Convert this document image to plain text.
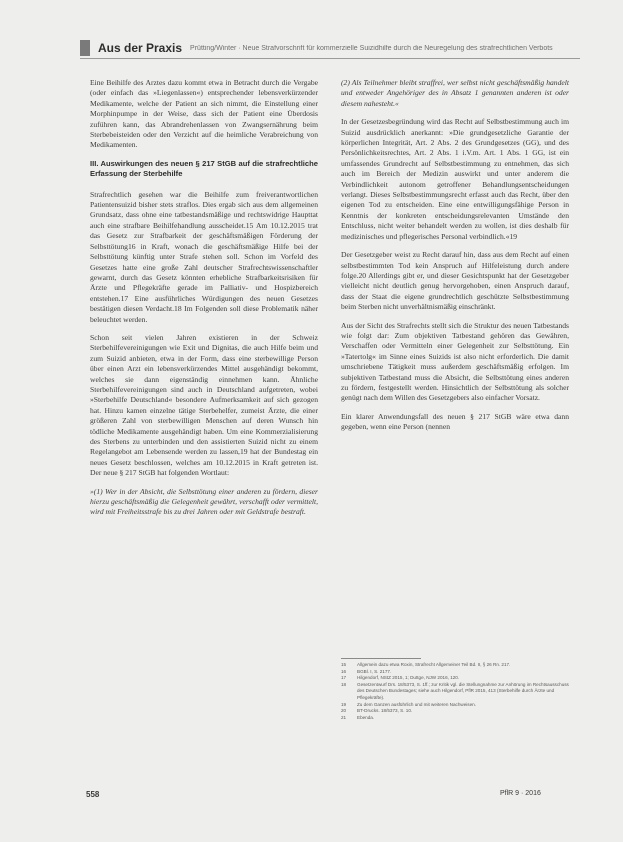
Aus der Praxis Prütting/Winter · Neue Strafvorschrift für kommerzielle Suizidhilfe durch die Neuregelung des strafrechtlichen Verbots

Eine Beihilfe des Arztes dazu kommt etwa in Betracht durch die Vergabe (oder einfach das »Liegenlassen«) entsprechender lebensverkürzender Medikamente, welche der Patient an sich nimmt, die Einstellung einer Morphinpumpe in der Weise, dass sich der Patient eine Überdosis zuführen kann, das Abrandrehenlassen von Zwangsernährung beim Sterbebeisteiden oder den Verzicht auf die heimliche Verabreichung von Medikamenten.

III. Auswirkungen des neuen § 217 StGB auf die strafrechtliche Erfassung der Sterbehilfe

Strafrechtlich gesehen war die Beihilfe zum freiverantwortlichen Patientensuizid bisher stets straflos. Dies ergab sich aus dem allgemeinen Grundsatz, dass ohne eine tatbestandsmäßige und rechtswidrige Haupttat auch eine strafbare Beihilfehandlung ausscheidet.15 Am 10.12.2015 trat das Gesetz zur Strafbarkeit der geschäftsmäßigen Förderung der Selbsttötung16 in Kraft, wonach die geschäftsmäßige Hilfe bei der Selbsttötung künftig unter Strafe stehen soll. Schon im Vorfeld des Gesetzes hatte eine große Zahl deutscher Strafrechtswissenschaftler gewarnt, durch das Gesetz könnten erhebliche Strafbarkeitsrisiken für Ärzte und Pflegekräfte gerade im Palliativ- und Hospizbereich entstehen.17 Eine ausführliches Würdigungen des neuen Gesetzes bestätigen diesen Verdacht.18 Im Folgenden soll diese Problematik näher beleuchtet werden.

Schon seit vielen Jahren existieren in der Schweiz Sterbehilfevereinigungen wie Exit und Dignitas, die auch Hilfe beim und zum Suizid anbieten, etwa in der Form, dass eine sterbewillige Person über einen Arzt ein lebensverkürzendes Mittel ausgehändigt bekommt, welches sie dann eigenständig einnehmen kann. Ähnliche Sterbehilfevereinigungen sind auch in Deutschland aufgetreten, wobei »Sterbehilfe Deutschland« besondere Aufmerksamkeit auf sich gezogen hat. Hinzu kamen einzelne tätige Sterbehelfer, zumeist Ärzte, die einer größeren Zahl von sterbewilligen Menschen auf deren Wunsch hin tödliche Medikamente ausgehändigt haben. Um eine Kommerzialisierung des Sterbens zu unterbinden und den assistierten Suizid nicht zu einem Regelangebot am Lebensende werden zu lassen,19 hat der Bundestag ein neues Gesetz beschlossen, welches am 10.12.2015 in Kraft getreten ist. Der neue § 217 StGB hat folgenden Wortlaut:

»(1) Wer in der Absicht, die Selbsttötung einer anderen zu fördern, dieser hierzu geschäftsmäßig die Gelegenheit gewährt, verschafft oder vermittelt, wird mit Freiheitsstrafe bis zu drei Jahren oder mit Geldstrafe bestraft.

(2) Als Teilnehmer bleibt straffrei, wer selbst nicht geschäftsmäßig handelt und entweder Angehöriger des in Absatz 1 genannten anderen ist oder diesem nahesteht.«

In der Gesetzesbegründung wird das Recht auf Selbstbestimmung auch im Suizid ausdrücklich anerkannt: »Die grundgesetzliche Garantie der körperlichen Integrität, Art. 2 Abs. 2 des Grundgesetzes (GG), und des Persönlichkeitsrechtes, Art. 2 Abs. 1 i.V.m. Art. 1 Abs. 1 GG, ist ein umfassendes Grundrecht auf Selbstbestimmung zu entnehmen, das sich auch im Bereich der Medizin auswirkt und unter anderem die Verbindlichkeit autonom getroffener Behandlungsentscheidungen verlangt. Dieses Selbstbestimmungsrecht erfasst auch das Recht, über den eigenen Tod zu entscheiden. Eine eine entwilligungsfähige Person in Kenntnis der konkreten entscheidungsrelevanten Umstände den Entschluss, nicht weiter behandelt werden zu wollen, ist dies deshalb für medizinisches und pflegerisches Personal verbindlich.«19

Der Gesetzgeber weist zu Recht darauf hin, dass aus dem Recht auf einen selbstbestimmten Tod kein Anspruch auf Hilfeleistung durch andere folge.20 Allerdings gibt er, und dieser Gesichtspunkt hat der Gesetzgeber vielleicht nicht deutlich genug hervorgehoben, einen Anspruch darauf, dass der Staat die eigene grundrechtlich geschützte Selbstbestimmung beim Sterben nicht unverhältnismäßig einschränkt.

Aus der Sicht des Strafrechts stellt sich die Struktur des neuen Tatbestands wie folgt dar: Zum objektiven Tatbestand gehören das Gewähren, Verschaffen oder Vermitteln einer Gelegenheit zur Selbsttötung. Ein »Tatertolg« im Sinne eines Suizids ist also nicht erforderlich. Die damit umschriebene Tätigkeit muss außerdem geschäftsmäßig erfolgen. Im subjektiven Tatbestand muss die Absicht, die Selbsttötung eines anderen zu fördern, festgestellt werden. Hinsichtlich der Selbsttötung als solcher genügt nach dem Willen des Gesetzgebers also einfacher Vorsatz.

Ein klarer Anwendungsfall des neuen § 217 StGB wäre etwa dann gegeben, wenn eine Person (nennen

15	Allgemein dazu etwa Roxin, Strafrecht Allgemeiner Teil Bd. II, § 26 Rn. 217.
16	BGBl. I, S. 2177.
17	Hilgendorf, NStZ 2015, 1; Duttge, NJW 2016, 120.
18	Gesetzentwurf Drs. 18/5373, S. 1ff.; zur Kritik vgl. die Stellungnahme zur Anhörung im Rechtsausschuss des Deutschen Bundestages; siehe auch Hilgendorf, PflR 2015, 413 (Sterbehilfe durch Ärzte und Pflegekräfte).
19	Zu dem Ganzen ausführlich und mit weiteren Nachweisen.
20	BT-Drucks. 18/5373, S. 10.
21	Ebenda.
558	PflR 9 · 2016
